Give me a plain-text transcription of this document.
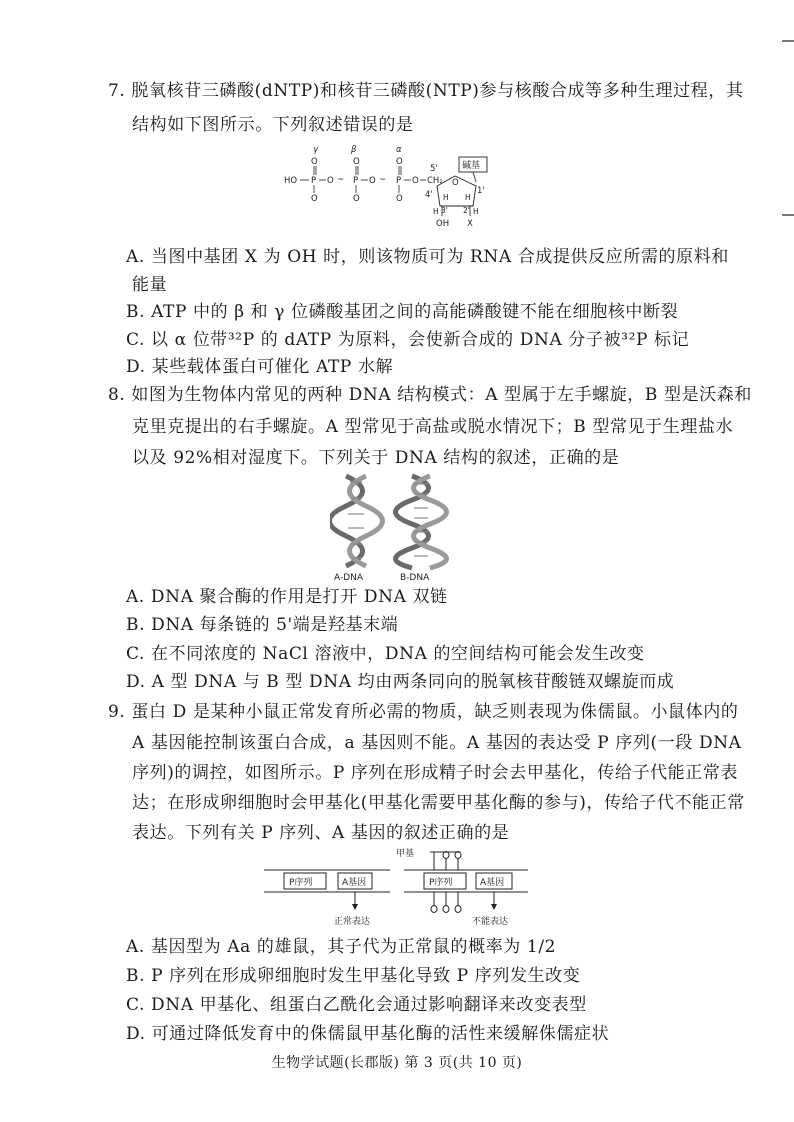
7. 脱氧核苷三磷酸(dNTP)和核苷三磷酸(NTP)参与核酸合成等多种生理过程，其
结构如下图所示。下列叙述错误的是
γ	β	α
O	O	O
HO P O ~ P O ~ P O CH₂
O	O	O
5'	碱基
O
4'	1'
H H
H 3' 2' H
OH X
A. 当图中基团 X 为 OH 时，则该物质可为 RNA 合成提供反应所需的原料和
能量
B. ATP 中的 β 和 γ 位磷酸基团之间的高能磷酸键不能在细胞核中断裂
C. 以 α 位带³²P 的 dATP 为原料，会使新合成的 DNA 分子被³²P 标记
D. 某些载体蛋白可催化 ATP 水解
8. 如图为生物体内常见的两种 DNA 结构模式：A 型属于左手螺旋，B 型是沃森和
克里克提出的右手螺旋。A 型常见于高盐或脱水情况下；B 型常见于生理盐水
以及 92%相对湿度下。下列关于 DNA 结构的叙述，正确的是
A-DNA	B-DNA
A. DNA 聚合酶的作用是打开 DNA 双链
B. DNA 每条链的 5'端是羟基末端
C. 在不同浓度的 NaCl 溶液中，DNA 的空间结构可能会发生改变
D. A 型 DNA 与 B 型 DNA 均由两条同向的脱氧核苷酸链双螺旋而成
9. 蛋白 D 是某种小鼠正常发育所必需的物质，缺乏则表现为侏儒鼠。小鼠体内的
A 基因能控制该蛋白合成，a 基因则不能。A 基因的表达受 P 序列(一段 DNA
序列)的调控，如图所示。P 序列在形成精子时会去甲基化，传给子代能正常表
达；在形成卵细胞时会甲基化(甲基化需要甲基化酶的参与)，传给子代不能正常
表达。下列有关 P 序列、A 基因的叙述正确的是
甲基
P序列	A基因	P序列	A基因
正常表达	不能表达
A. 基因型为 Aa 的雄鼠，其子代为正常鼠的概率为 1/2
B. P 序列在形成卵细胞时发生甲基化导致 P 序列发生改变
C. DNA 甲基化、组蛋白乙酰化会通过影响翻译来改变表型
D. 可通过降低发育中的侏儒鼠甲基化酶的活性来缓解侏儒症状
生物学试题(长郡版) 第 3 页(共 10 页)
